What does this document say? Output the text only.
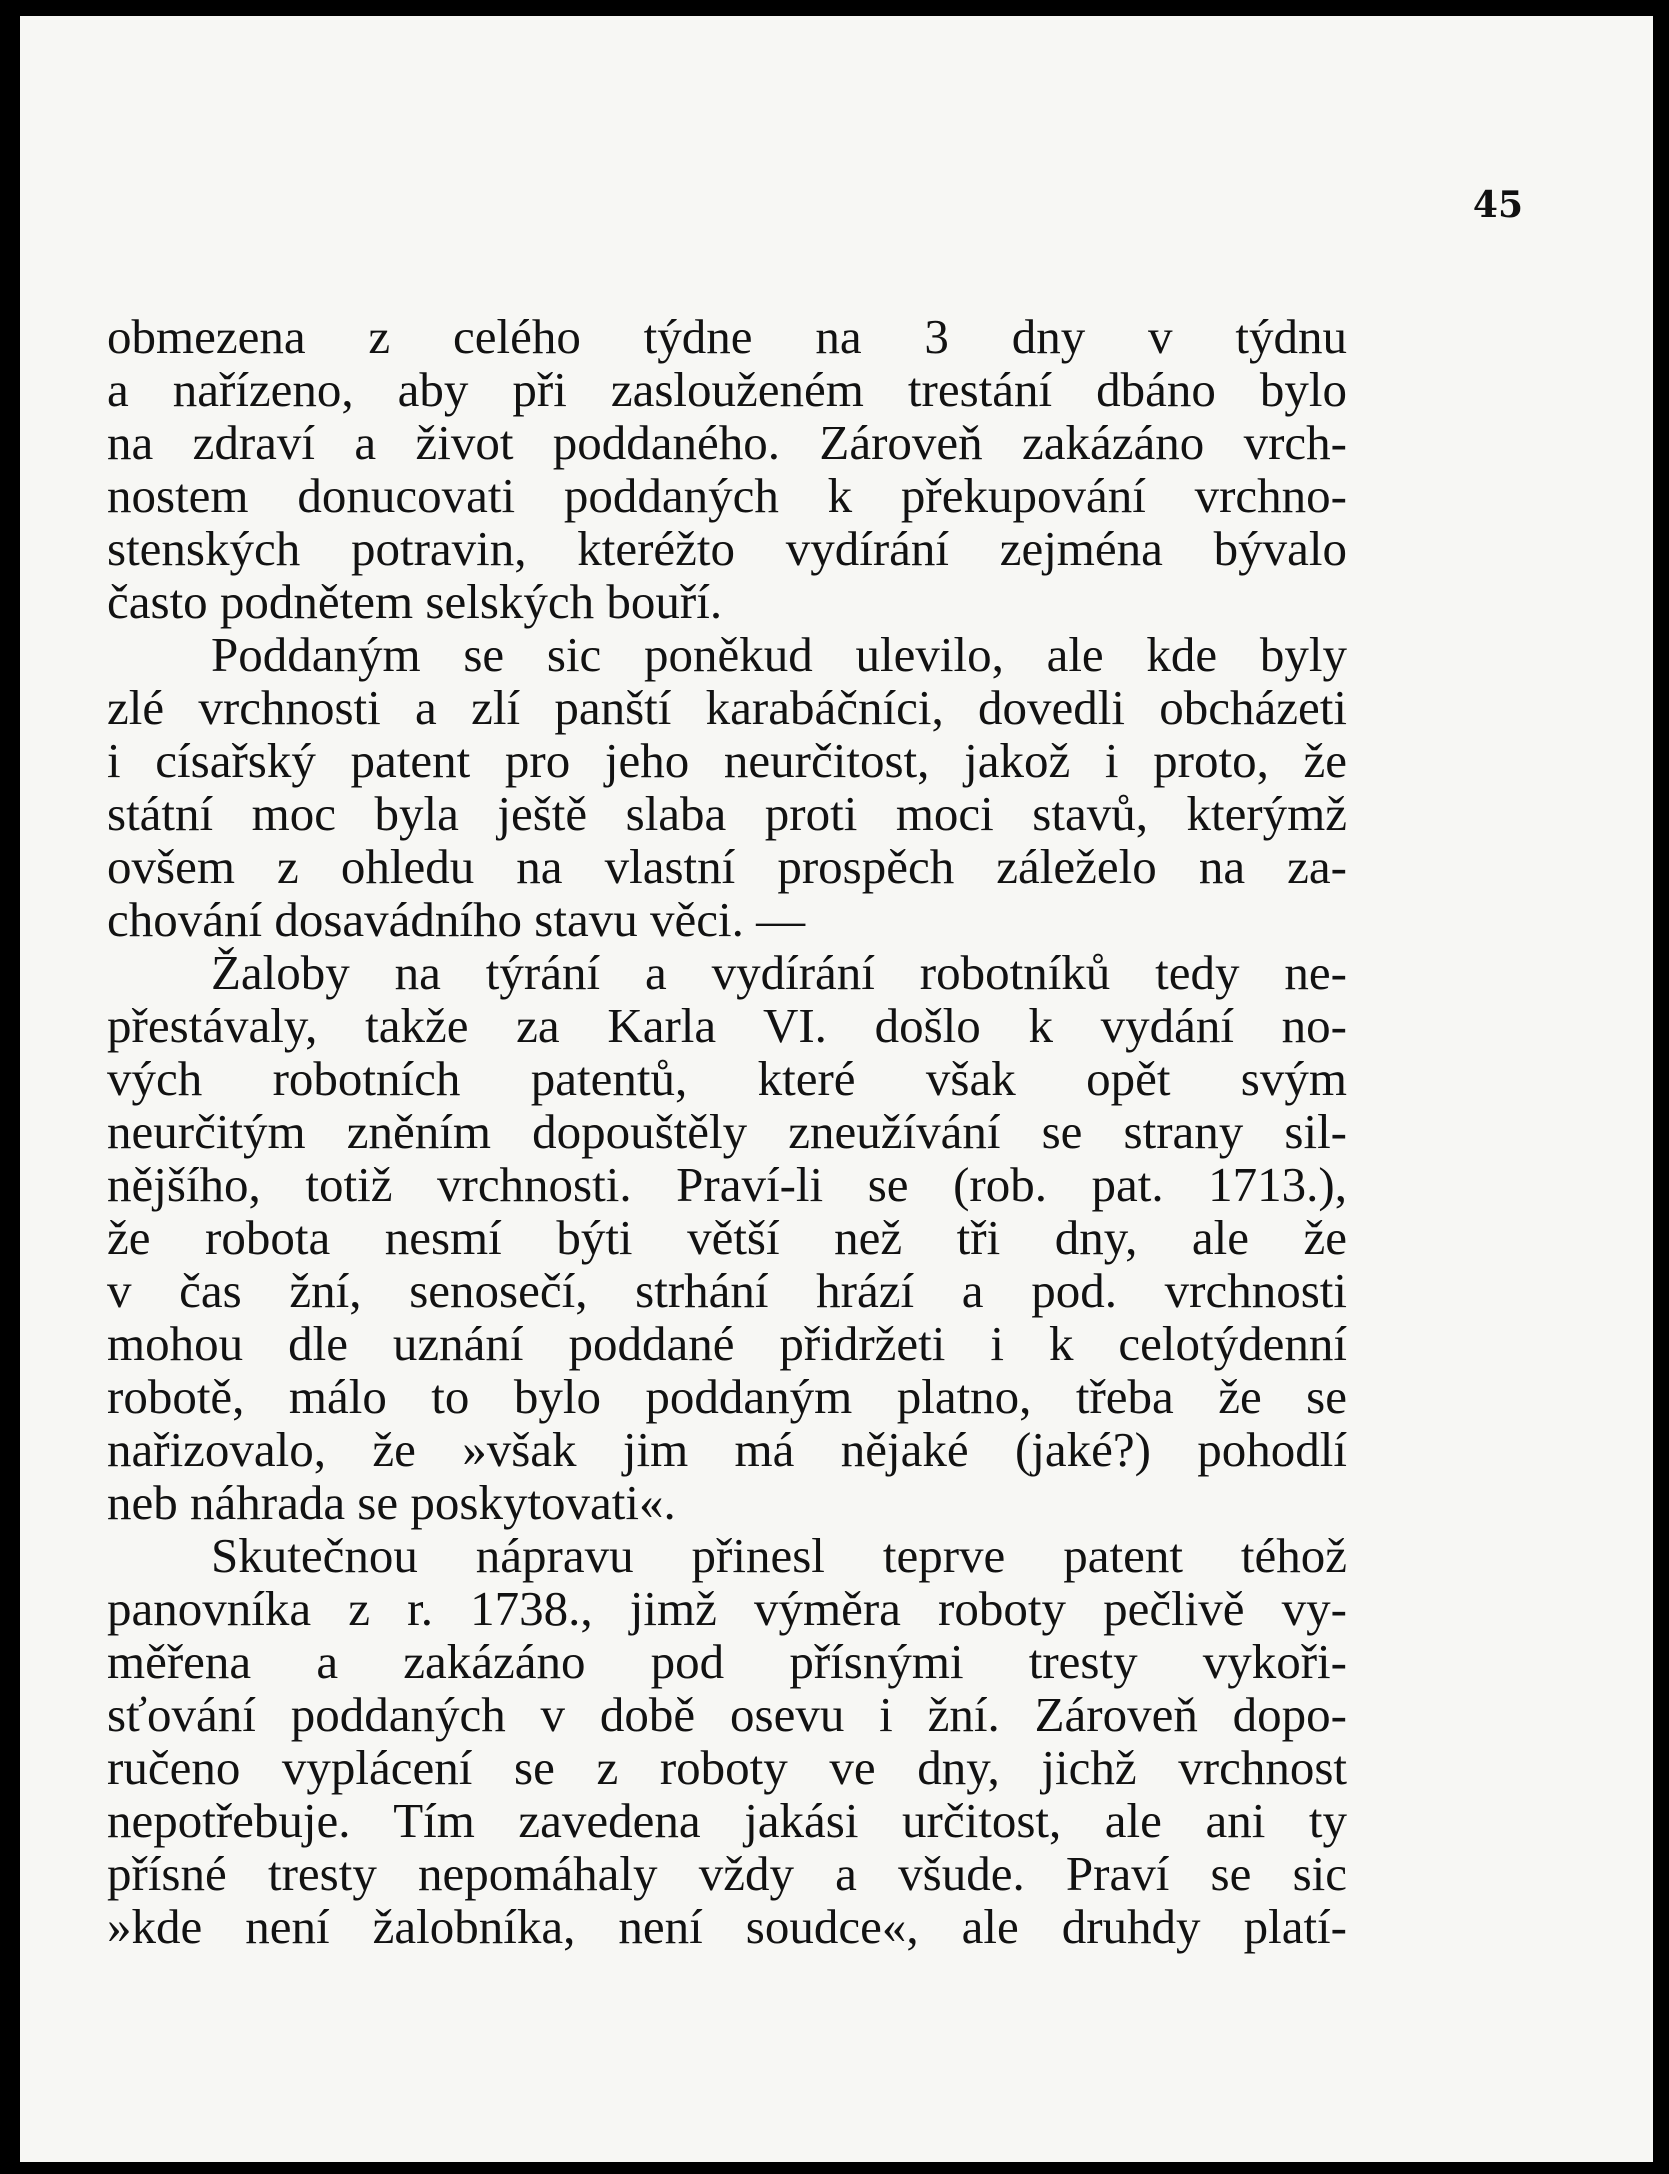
45
obmezena z celého týdne na 3 dny v týdnu
a nařízeno, aby při zaslouženém trestání dbáno bylo
na zdraví a život poddaného. Zároveň zakázáno vrch-
nostem donucovati poddaných k překupování vrchno-
stenských potravin, kteréžto vydírání zejména bývalo
často podnětem selských bouří.
Poddaným se sic poněkud ulevilo, ale kde byly
zlé vrchnosti a zlí panští karabáčníci, dovedli obcházeti
i císařský patent pro jeho neurčitost, jakož i proto, že
státní moc byla ještě slaba proti moci stavů, kterýmž
ovšem z ohledu na vlastní prospěch záleželo na za-
chování dosavádního stavu věci. —
Žaloby na týrání a vydírání robotníků tedy ne-
přestávaly, takže za Karla VI. došlo k vydání no-
vých robotních patentů, které však opět svým
neurčitým zněním dopouštěly zneužívání se strany sil-
nějšího, totiž vrchnosti. Praví-li se (rob. pat. 1713.),
že robota nesmí býti větší než tři dny, ale že
v čas žní, senosečí, strhání hrází a pod. vrchnosti
mohou dle uznání poddané přidržeti i k celotýdenní
robotě, málo to bylo poddaným platno, třeba že se
nařizovalo, že »však jim má nějaké (jaké?) pohodlí
neb náhrada se poskytovati«.
Skutečnou nápravu přinesl teprve patent téhož
panovníka z r. 1738., jimž výměra roboty pečlivě vy-
měřena a zakázáno pod přísnými tresty vykoři-
sťování poddaných v době osevu i žní. Zároveň dopo-
ručeno vyplácení se z roboty ve dny, jichž vrchnost
nepotřebuje. Tím zavedena jakási určitost, ale ani ty
přísné tresty nepomáhaly vždy a všude. Praví se sic
»kde není žalobníka, není soudce«, ale druhdy platí-
